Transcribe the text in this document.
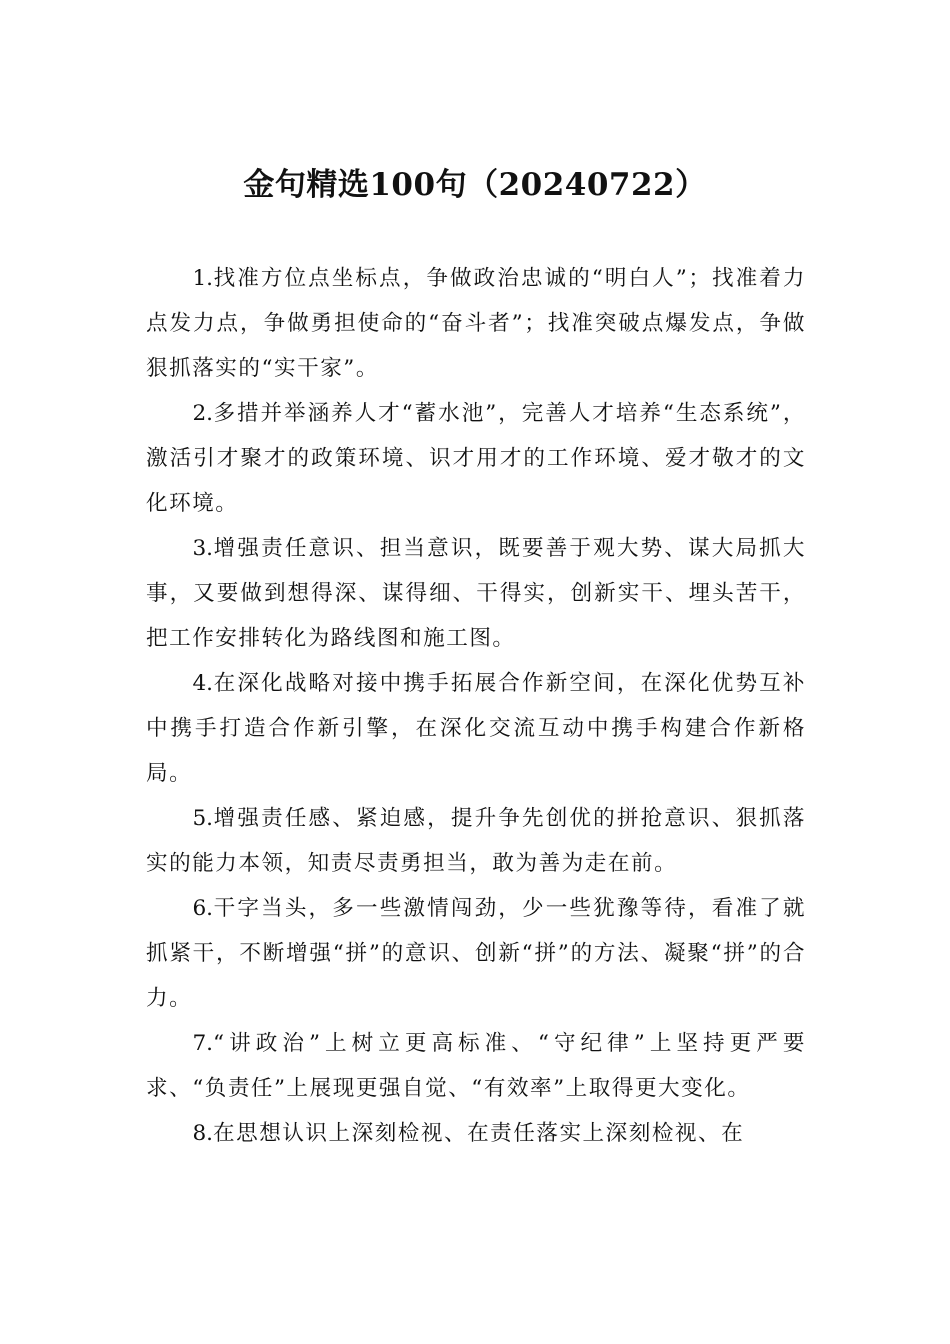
金句精选100句（20240722）

1.找准方位点坐标点，争做政治忠诚的“明白人”；找准着力点发力点，争做勇担使命的“奋斗者”；找准突破点爆发点，争做狠抓落实的“实干家”。

2.多措并举涵养人才“蓄水池”，完善人才培养“生态系统”，激活引才聚才的政策环境、识才用才的工作环境、爱才敬才的文化环境。

3.增强责任意识、担当意识，既要善于观大势、谋大局抓大事，又要做到想得深、谋得细、干得实，创新实干、埋头苦干，把工作安排转化为路线图和施工图。

4.在深化战略对接中携手拓展合作新空间，在深化优势互补中携手打造合作新引擎，在深化交流互动中携手构建合作新格局。

5.增强责任感、紧迫感，提升争先创优的拼抢意识、狠抓落实的能力本领，知责尽责勇担当，敢为善为走在前。

6.干字当头，多一些激情闯劲，少一些犹豫等待，看准了就抓紧干，不断增强“拼”的意识、创新“拼”的方法、凝聚“拼”的合力。

7.“讲政治”上树立更高标准、“守纪律”上坚持更严要求、“负责任”上展现更强自觉、“有效率”上取得更大变化。

8.在思想认识上深刻检视、在责任落实上深刻检视、在
